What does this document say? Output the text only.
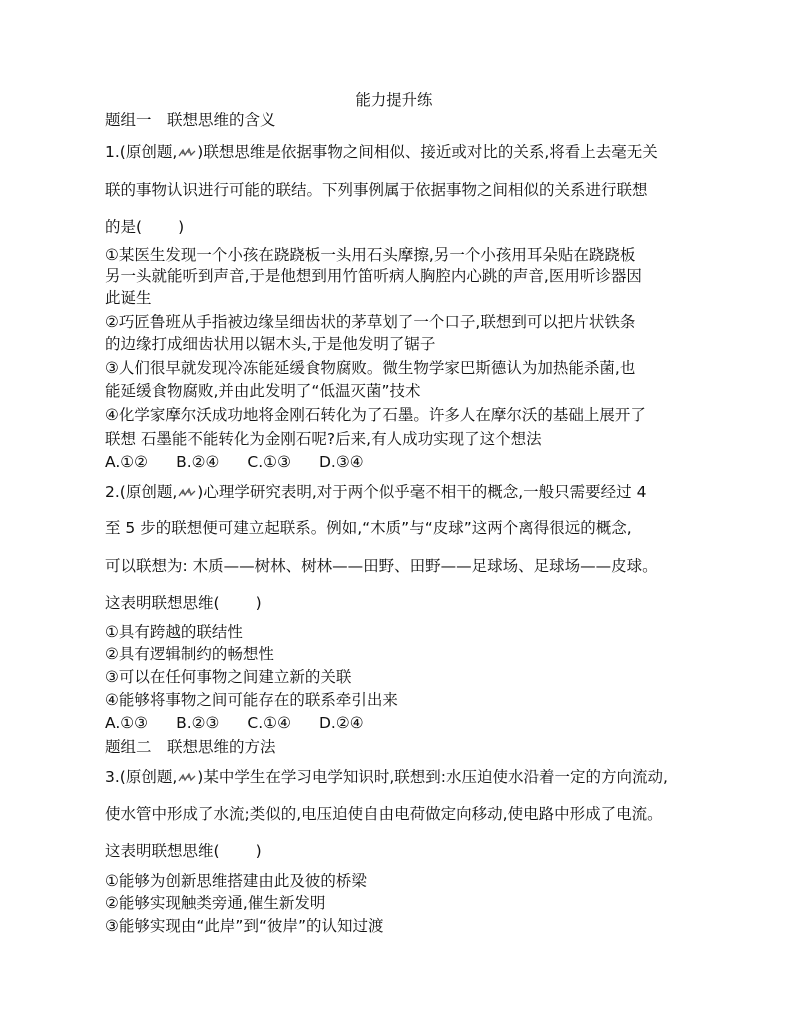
能力提升练
题组一　联想思维的含义
1.(原创题, )联想思维是依据事物之间相似、接近或对比的关系,将看上去毫无关
联的事物认识进行可能的联结。下列事例属于依据事物之间相似的关系进行联想
的是( )
①某医生发现一个小孩在跷跷板一头用石头摩擦,另一个小孩用耳朵贴在跷跷板
另一头就能听到声音,于是他想到用竹笛听病人胸腔内心跳的声音,医用听诊器因
此诞生
②巧匠鲁班从手指被边缘呈细齿状的茅草划了一个口子,联想到可以把片状铁条
的边缘打成细齿状用以锯木头,于是他发明了锯子
③人们很早就发现冷冻能延缓食物腐败。微生物学家巴斯德认为加热能杀菌,也
能延缓食物腐败,并由此发明了“低温灭菌”技术
④化学家摩尔沃成功地将金刚石转化为了石墨。许多人在摩尔沃的基础上展开了
联想 石墨能不能转化为金刚石呢?后来,有人成功实现了这个想法
A.①② B.②④ C.①③ D.③④
2.(原创题, )心理学研究表明,对于两个似乎毫不相干的概念,一般只需要经过 4
至 5 步的联想便可建立起联系。例如,“木质”与“皮球”这两个离得很远的概念,
可以联想为: 木质——树林、树林——田野、田野——足球场、足球场——皮球。
这表明联想思维( )
①具有跨越的联结性
②具有逻辑制约的畅想性
③可以在任何事物之间建立新的关联
④能够将事物之间可能存在的联系牵引出来
A.①③ B.②③ C.①④ D.②④
题组二　联想思维的方法
3.(原创题, )某中学生在学习电学知识时,联想到:水压迫使水沿着一定的方向流动,
使水管中形成了水流;类似的,电压迫使自由电荷做定向移动,使电路中形成了电流。
这表明联想思维( )
①能够为创新思维搭建由此及彼的桥梁
②能够实现触类旁通,催生新发明
③能够实现由“此岸”到“彼岸”的认知过渡
